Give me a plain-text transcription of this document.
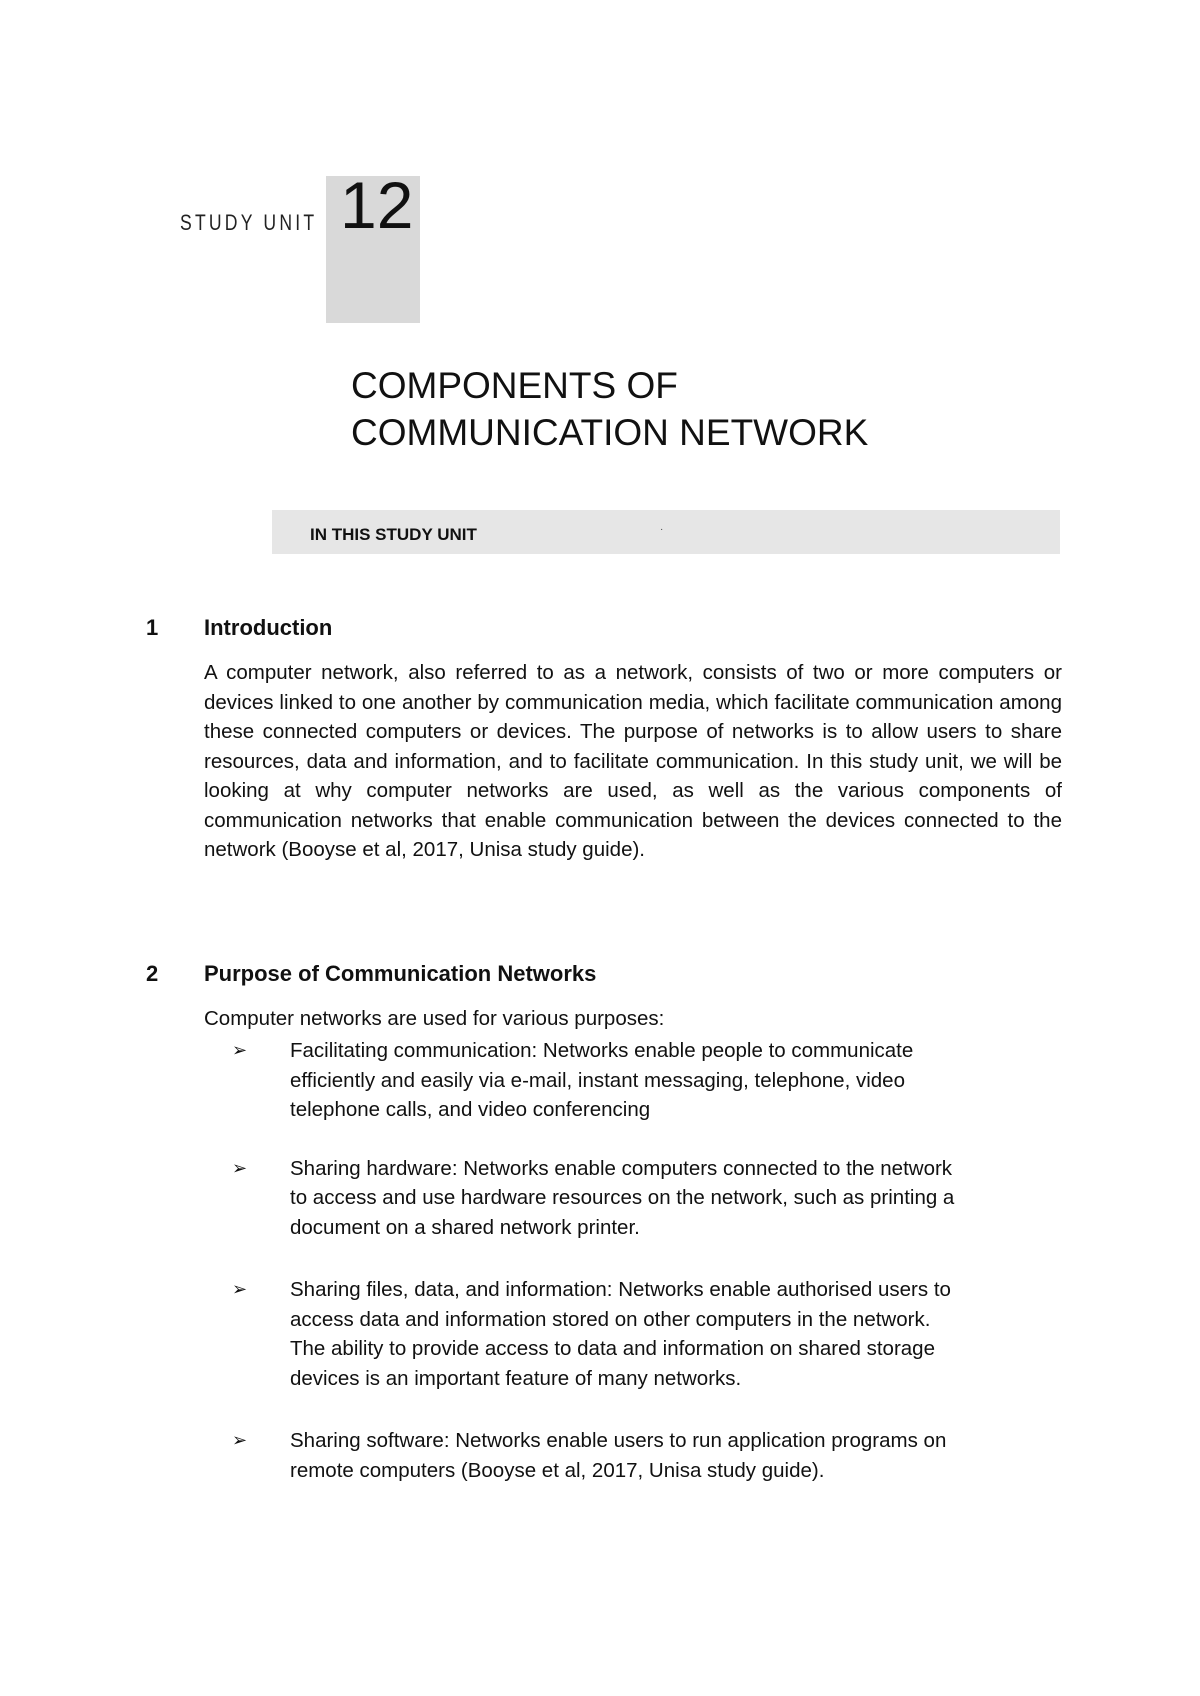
STUDY UNIT 12
COMPONENTS OF
COMMUNICATION NETWORK
IN THIS STUDY UNIT	·
1 Introduction
A computer network, also referred to as a network, consists of two or more computers or devices linked to one another by communication media, which facilitate communication among these connected computers or devices. The purpose of networks is to allow users to share resources, data and information, and to facilitate communication. In this study unit, we will be looking at why computer networks are used, as well as the various components of communication networks that enable communication between the devices connected to the network (Booyse et al, 2017, Unisa study guide).
2 Purpose of Communication Networks
Computer networks are used for various purposes:
➢ Facilitating communication: Networks enable people to communicate
efficiently and easily via e-mail, instant messaging, telephone, video
telephone calls, and video conferencing
➢ Sharing hardware: Networks enable computers connected to the network
to access and use hardware resources on the network, such as printing a
document on a shared network printer.
➢ Sharing files, data, and information: Networks enable authorised users to
access data and information stored on other computers in the network.
The ability to provide access to data and information on shared storage
devices is an important feature of many networks.
➢ Sharing software: Networks enable users to run application programs on
remote computers (Booyse et al, 2017, Unisa study guide).
